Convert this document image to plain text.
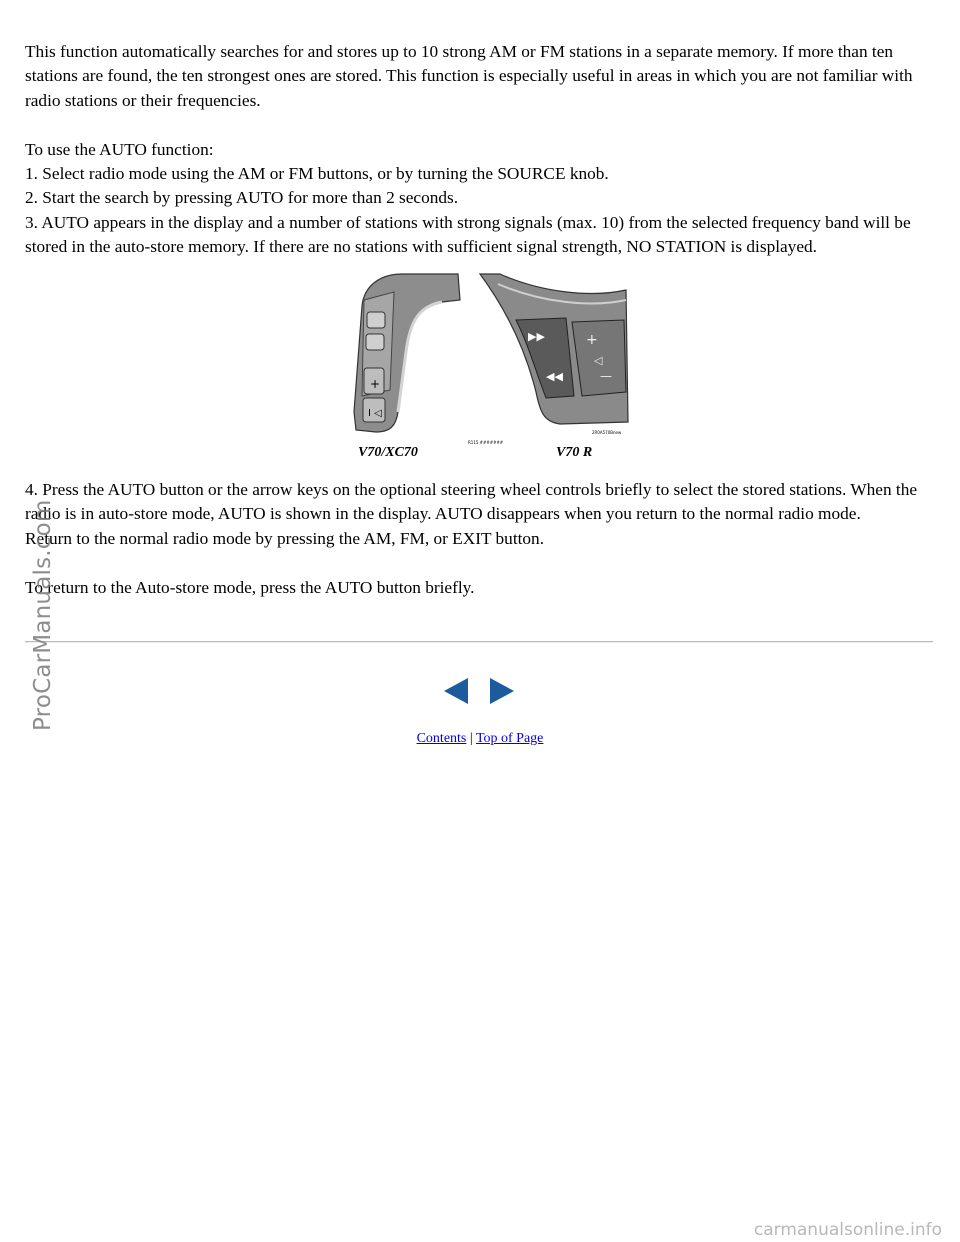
This function automatically searches for and stores up to 10 strong AM or FM stations in a separate memory. If more than ten stations are found, the ten strongest ones are stored. This function is especially useful in areas in which you are not familiar with radio stations or their frequencies.

To use the AUTO function:

1. Select radio mode using the AM or FM buttons, or by turning the SOURCE knob.

2. Start the search by pressing AUTO for more than 2 seconds.

3. AUTO appears in the display and a number of stations with strong signals (max. 10) from the selected frequency band will be stored in the auto-store memory. If there are no stations with sufficient signal strength, NO STATION is displayed.

+
I ◁
▶▶
◀◀
+
◁
—
R115 #######
2R0A570Bnew
V70/XC70	V70 R

4. Press the AUTO button or the arrow keys on the optional steering wheel controls briefly to select the stored stations. When the radio is in auto-store mode, AUTO is shown in the display. AUTO disappears when you return to the normal radio mode.

Return to the normal radio mode by pressing the AM, FM, or EXIT button.

To return to the Auto-store mode, press the AUTO button briefly.

Contents | Top of Page
ProCarManuals.com
carmanualsonline.info
